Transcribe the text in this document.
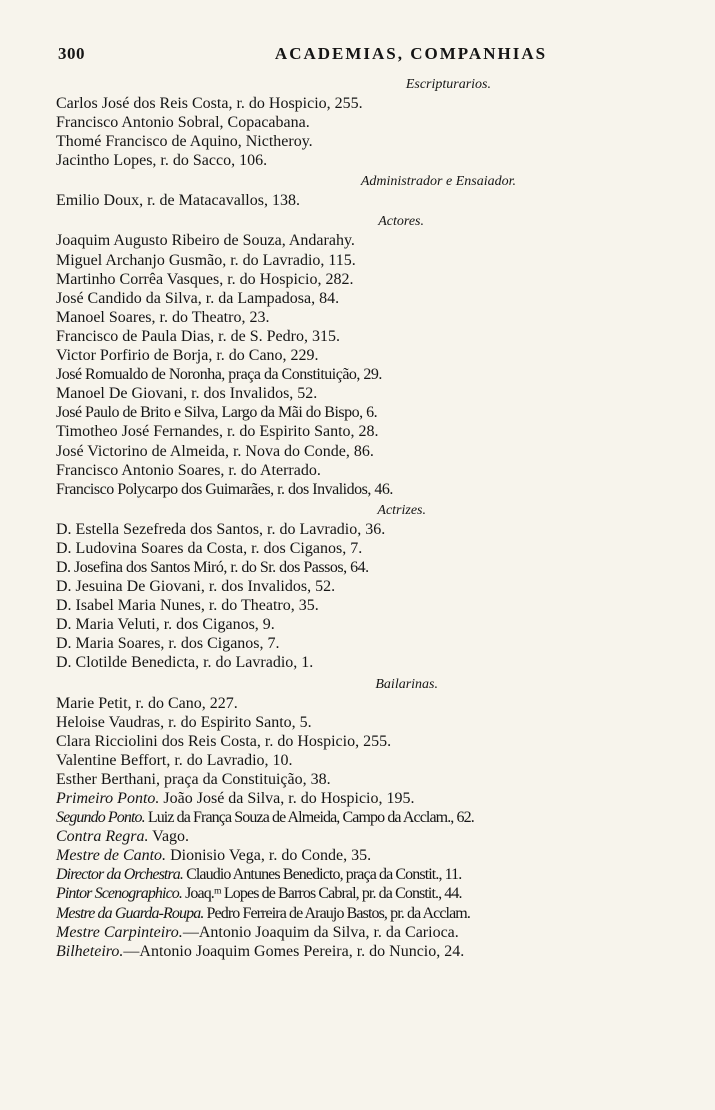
300	ACADEMIAS, COMPANHIAS
Escripturarios.
Carlos José dos Reis Costa, r. do Hospicio, 255.
Francisco Antonio Sobral, Copacabana.
Thomé Francisco de Aquino, Nictheroy.
Jacintho Lopes, r. do Sacco, 106.
Administrador e Ensaiador.
Emilio Doux, r. de Matacavallos, 138.
Actores.
Joaquim Augusto Ribeiro de Souza, Andarahy.
Miguel Archanjo Gusmão, r. do Lavradio, 115.
Martinho Corrêa Vasques, r. do Hospicio, 282.
José Candido da Silva, r. da Lampadosa, 84.
Manoel Soares, r. do Theatro, 23.
Francisco de Paula Dias, r. de S. Pedro, 315.
Victor Porfirio de Borja, r. do Cano, 229.
José Romualdo de Noronha, praça da Constituição, 29.
Manoel De Giovani, r. dos Invalidos, 52.
José Paulo de Brito e Silva, Largo da Mãi do Bispo, 6.
Timotheo José Fernandes, r. do Espirito Santo, 28.
José Victorino de Almeida, r. Nova do Conde, 86.
Francisco Antonio Soares, r. do Aterrado.
Francisco Polycarpo dos Guimarães, r. dos Invalidos, 46.
Actrizes.
D. Estella Sezefreda dos Santos, r. do Lavradio, 36.
D. Ludovina Soares da Costa, r. dos Ciganos, 7.
D. Josefina dos Santos Miró, r. do Sr. dos Passos, 64.
D. Jesuina De Giovani, r. dos Invalidos, 52.
D. Isabel Maria Nunes, r. do Theatro, 35.
D. Maria Veluti, r. dos Ciganos, 9.
D. Maria Soares, r. dos Ciganos, 7.
D. Clotilde Benedicta, r. do Lavradio, 1.
Bailarinas.
Marie Petit, r. do Cano, 227.
Heloise Vaudras, r. do Espirito Santo, 5.
Clara Ricciolini dos Reis Costa, r. do Hospicio, 255.
Valentine Beffort, r. do Lavradio, 10.
Esther Berthani, praça da Constituição, 38.
Primeiro Ponto. João José da Silva, r. do Hospicio, 195.
Segundo Ponto. Luiz da França Souza de Almeida, Campo da Acclam., 62.
Contra Regra. Vago.
Mestre de Canto. Dionisio Vega, r. do Conde, 35.
Director da Orchestra. Claudio Antunes Benedicto, praça da Constit., 11.
Pintor Scenographico. Joaq.ᵐ Lopes de Barros Cabral, pr. da Constit., 44.
Mestre da Guarda-Roupa. Pedro Ferreira de Araujo Bastos, pr. da Acclam.
Mestre Carpinteiro.—Antonio Joaquim da Silva, r. da Carioca.
Bilheteiro.—Antonio Joaquim Gomes Pereira, r. do Nuncio, 24.
